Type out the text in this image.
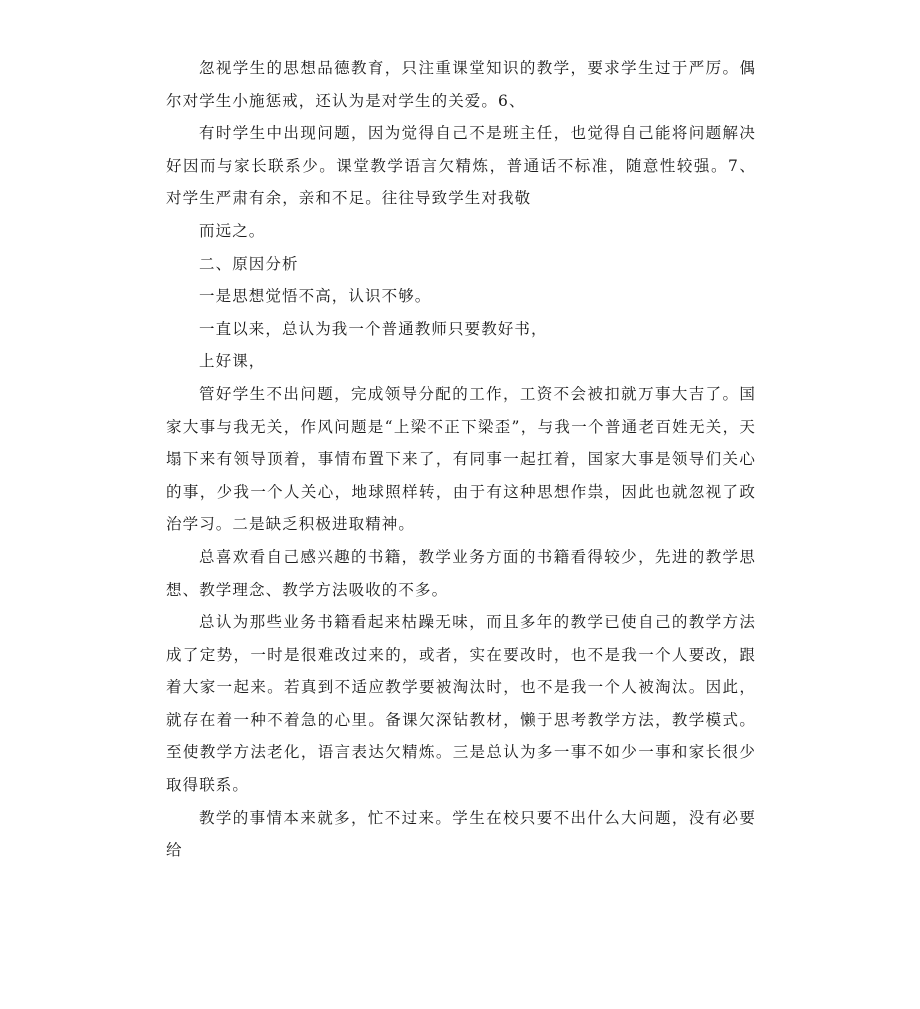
忽视学生的思想品德教育，只注重课堂知识的教学，要求学生过于严厉。偶尔对学生小施惩戒，还认为是对学生的关爱。6、

有时学生中出现问题，因为觉得自己不是班主任，也觉得自己能将问题解决好因而与家长联系少。课堂教学语言欠精炼，普通话不标准，随意性较强。7、对学生严肃有余，亲和不足。往往导致学生对我敬

而远之。

二、原因分析

一是思想觉悟不高，认识不够。

一直以来，总认为我一个普通教师只要教好书，

上好课，

管好学生不出问题，完成领导分配的工作，工资不会被扣就万事大吉了。国家大事与我无关，作风问题是“上梁不正下梁歪”，与我一个普通老百姓无关，天塌下来有领导顶着，事情布置下来了，有同事一起扛着，国家大事是领导们关心的事，少我一个人关心，地球照样转，由于有这种思想作祟，因此也就忽视了政治学习。二是缺乏积极进取精神。

总喜欢看自己感兴趣的书籍，教学业务方面的书籍看得较少，先进的教学思想、教学理念、教学方法吸收的不多。

总认为那些业务书籍看起来枯躁无味，而且多年的教学已使自己的教学方法成了定势，一时是很难改过来的，或者，实在要改时，也不是我一个人要改，跟着大家一起来。若真到不适应教学要被淘汰时，也不是我一个人被淘汰。因此，就存在着一种不着急的心里。备课欠深钻教材，懒于思考教学方法，教学模式。至使教学方法老化，语言表达欠精炼。三是总认为多一事不如少一事和家长很少取得联系。

教学的事情本来就多，忙不过来。学生在校只要不出什么大问题，没有必要给
